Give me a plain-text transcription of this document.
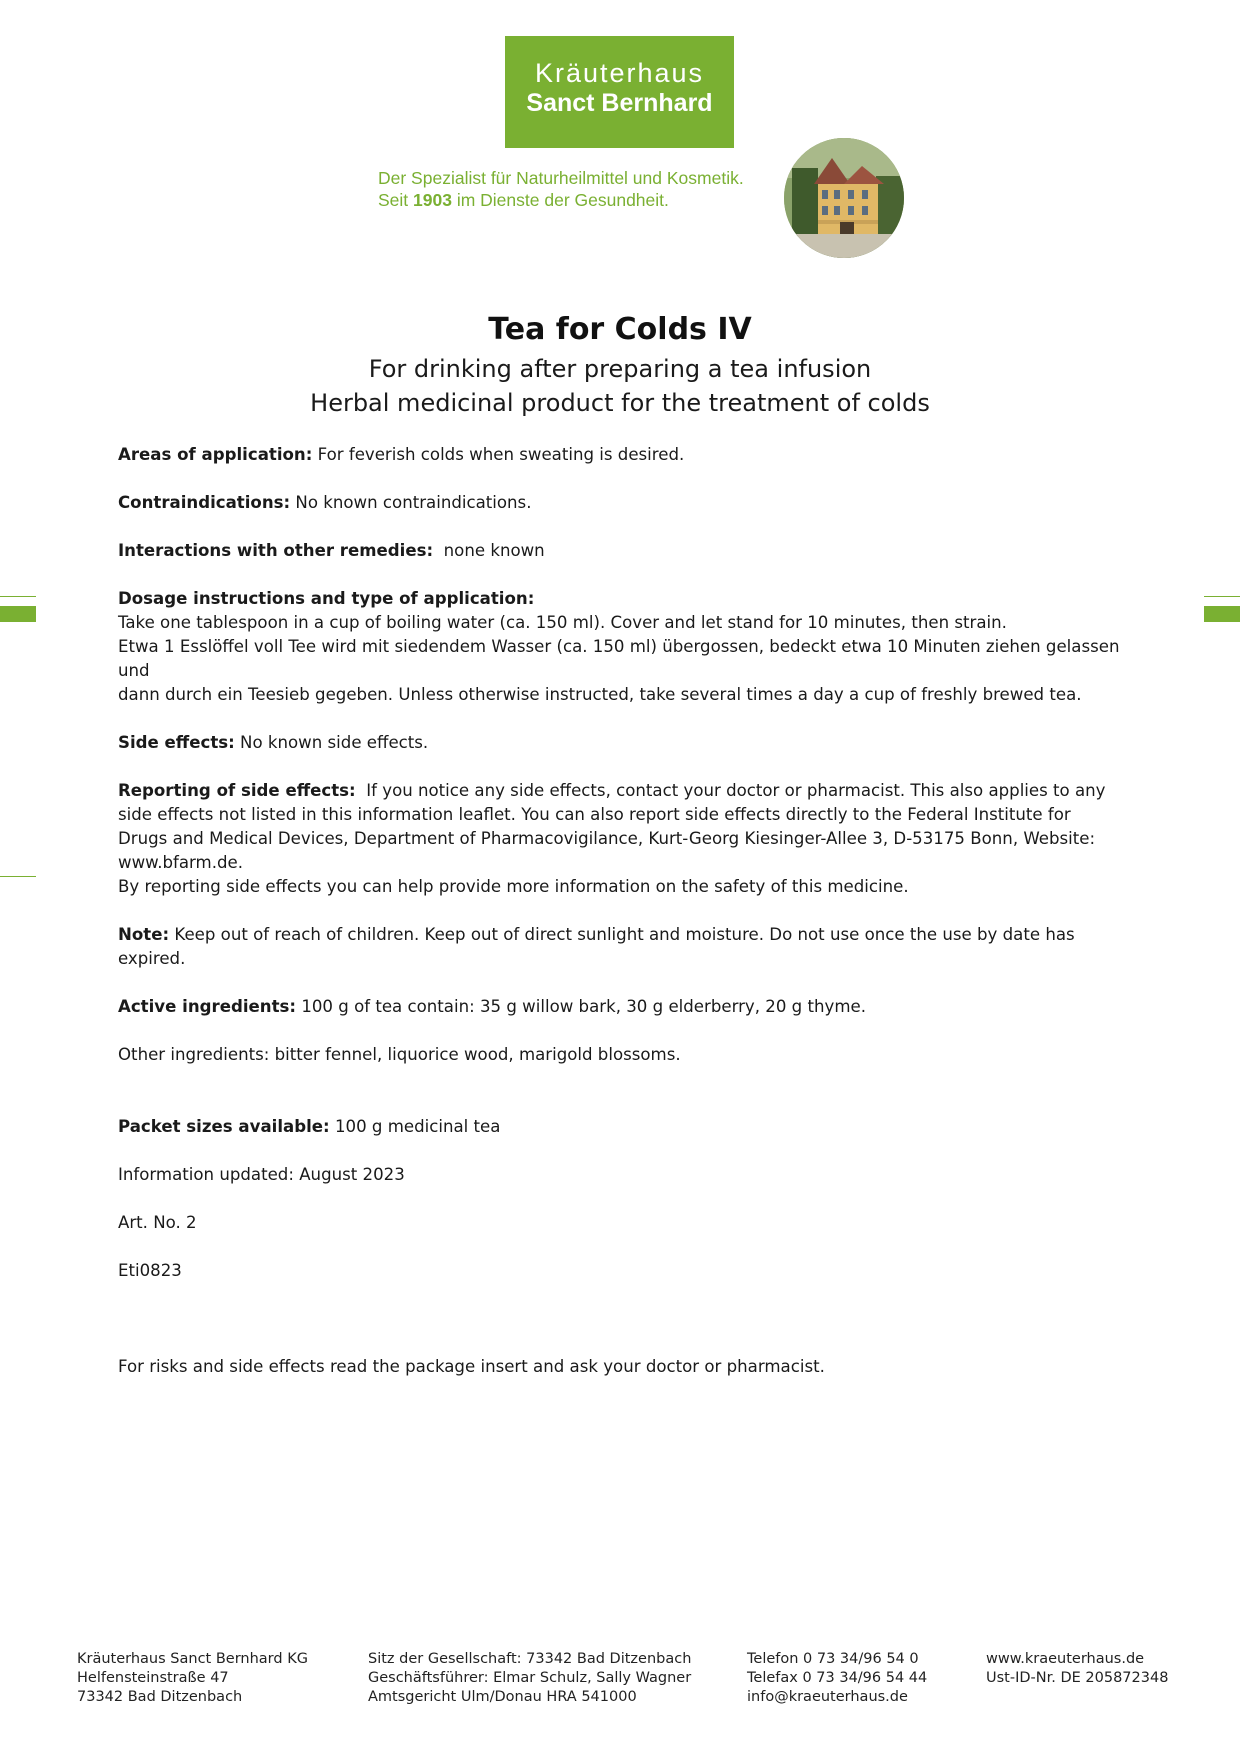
Kräuterhaus
Sanct Bernhard
Der Spezialist für Naturheilmittel und Kosmetik.
Seit 1903 im Dienste der Gesundheit.
Tea for Colds IV
For drinking after preparing a tea infusion
Herbal medicinal product for the treatment of colds

Areas of application: For feverish colds when sweating is desired.

Contraindications: No known contraindications.

Interactions with other remedies:  none known

Dosage instructions and type of application:
Take one tablespoon in a cup of boiling water (ca. 150 ml). Cover and let stand for 10 minutes, then strain.
Etwa 1 Esslöffel voll Tee wird mit siedendem Wasser (ca. 150 ml) übergossen, bedeckt etwa 10 Minuten ziehen gelassen und
dann durch ein Teesieb gegeben. Unless otherwise instructed, take several times a day a cup of freshly brewed tea.

Side effects: No known side effects.

Reporting of side effects:  If you notice any side effects, contact your doctor or pharmacist. This also applies to any
side effects not listed in this information leaflet. You can also report side effects directly to the Federal Institute for
Drugs and Medical Devices, Department of Pharmacovigilance, Kurt-Georg Kiesinger-Allee 3, D-53175 Bonn, Website:
www.bfarm.de.
By reporting side effects you can help provide more information on the safety of this medicine.

Note: Keep out of reach of children. Keep out of direct sunlight and moisture. Do not use once the use by date has expired.

Active ingredients: 100 g of tea contain: 35 g willow bark, 30 g elderberry, 20 g thyme.

Other ingredients: bitter fennel, liquorice wood, marigold blossoms.

Packet sizes available: 100 g medicinal tea

Information updated: August 2023

Art. No. 2

Eti0823

For risks and side effects read the package insert and ask your doctor or pharmacist.

Kräuterhaus Sanct Bernhard KG
Helfensteinstraße 47
73342 Bad Ditzenbach
Sitz der Gesellschaft: 73342 Bad Ditzenbach
Geschäftsführer: Elmar Schulz, Sally Wagner
Amtsgericht Ulm/Donau HRA 541000
Telefon 0 73 34/96 54 0
Telefax 0 73 34/96 54 44
info@kraeuterhaus.de
www.kraeuterhaus.de
Ust-ID-Nr. DE 205872348
